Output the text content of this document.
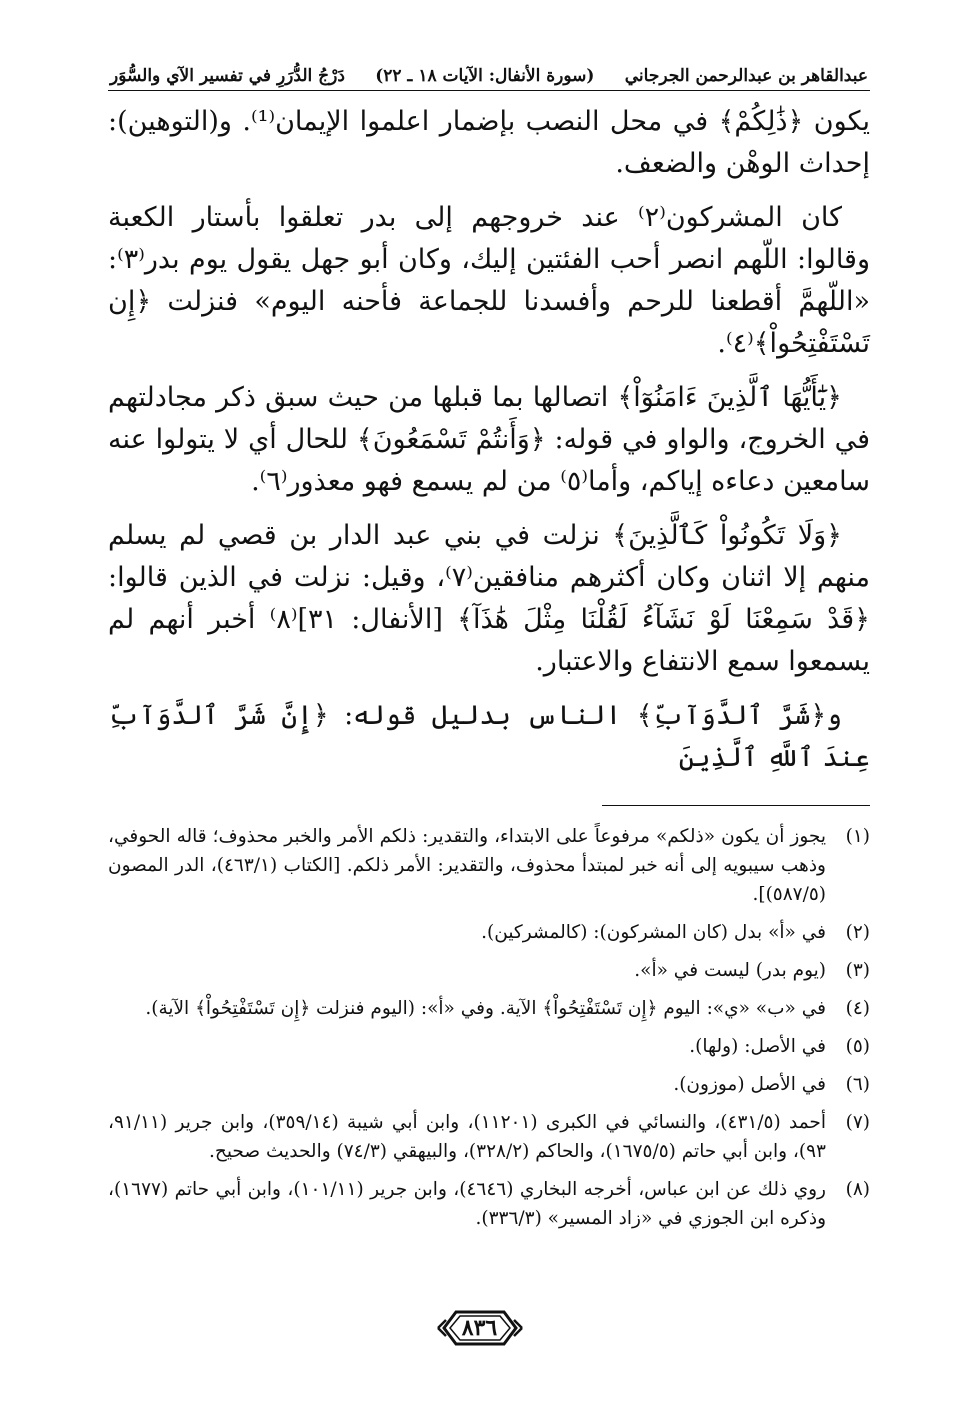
عبدالقاهر بن عبدالرحمن الجرجاني
(سورة الأنفال: الآيات ١٨ ـ ٢٢)
دَرْجُ الدُّرَرِ في تفسير الآي والسُّوَر

يكون ﴿ذَٰلِكُمْ﴾ في محل النصب بإضمار اعلموا الإيمان⁽¹⁾. و(التوهين): إحداث الوهْن والضعف.

كان المشركون⁽٢⁾ عند خروجهم إلى بدر تعلقوا بأستار الكعبة وقالوا: اللّهم انصر أحب الفئتين إليك، وكان أبو جهل يقول يوم بدر⁽٣⁾: «اللّهمَّ أقطعنا للرحم وأفسدنا للجماعة فأحنه اليوم» فنزلت ﴿إِن تَسْتَفْتِحُواْ﴾⁽٤⁾.

﴿يَٰٓأَيُّهَا ٱلَّذِينَ ءَامَنُوٓاْ﴾ اتصالها بما قبلها من حيث سبق ذكر مجادلتهم في الخروج، والواو في قوله: ﴿وَأَنتُمْ تَسْمَعُونَ﴾ للحال أي لا يتولوا عنه سامعين دعاءه إياكم، وأما⁽٥⁾ من لم يسمع فهو معذور⁽٦⁾.

﴿وَلَا تَكُونُواْ كَٱلَّذِينَ﴾ نزلت في بني عبد الدار بن قصي لم يسلم منهم إلا اثنان وكان أكثرهم منافقين⁽٧⁾، وقيل: نزلت في الذين قالوا: ﴿قَدْ سَمِعْنَا لَوْ نَشَآءُ لَقُلْنَا مِثْلَ هَٰذَآ﴾ [الأنفال: ٣١]⁽٨⁾ أخبر أنهم لم يسمعوا سمع الانتفاع والاعتبار.

و﴿شَرَّ ٱلدَّوَآبِّ﴾ الناس بدليل قوله: ﴿إِنَّ شَرَّ ٱلدَّوَآبِّ عِندَ ٱللَّهِ ٱلَّذِينَ

(١)
يجوز أن يكون «ذلكم» مرفوعاً على الابتداء، والتقدير: ذلكم الأمر والخبر محذوف؛ قاله الحوفي، وذهب سيبويه إلى أنه خبر لمبتدأ محذوف، والتقدير: الأمر ذلكم. [الكتاب (٤٦٣/١)، الدر المصون (٥٨٧/٥)].
(٢)
في «أ» بدل (كان المشركون): (كالمشركين).
(٣)
(يوم بدر) ليست في «أ».
(٤)
في «ب» «ي»: اليوم ﴿إِن تَسْتَفْتِحُواْ﴾ الآية. وفي «أ»: (اليوم فنزلت ﴿إِن تَسْتَفْتِحُواْ﴾ الآية).
(٥)
في الأصل: (ولها).
(٦)
في الأصل (موزون).
(٧)
أحمد (٤٣١/٥)، والنسائي في الكبرى (١١٢٠١)، وابن أبي شيبة (٣٥٩/١٤)، وابن جرير (٩١/١١، ٩٣)، وابن أبي حاتم (١٦٧٥/٥)، والحاكم (٣٢٨/٢)، والبيهقي (٧٤/٣) والحديث صحيح.
(٨)
روي ذلك عن ابن عباس، أخرجه البخاري (٤٦٤٦)، وابن جرير (١٠١/١١)، وابن أبي حاتم (١٦٧٧)، وذكره ابن الجوزي في «زاد المسير» (٣٣٦/٣).
٨٣٦
